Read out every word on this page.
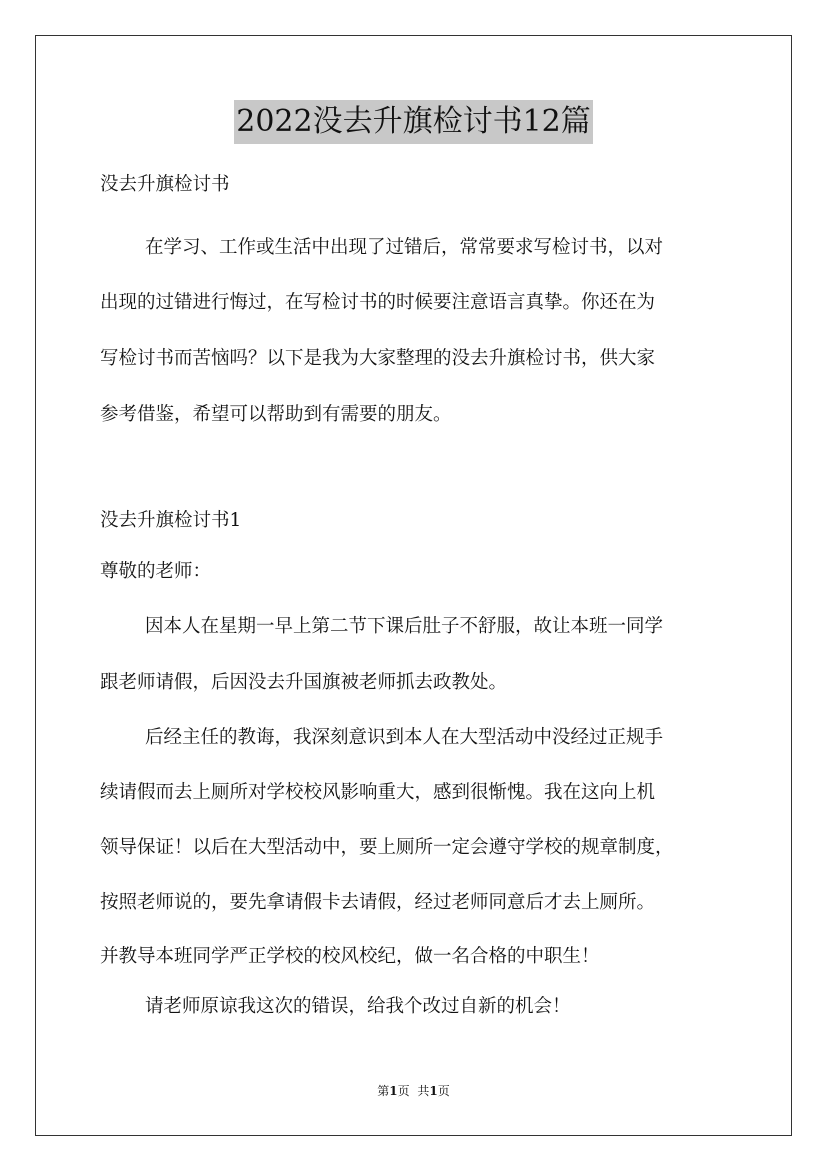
2022没去升旗检讨书12篇
没去升旗检讨书
在学习、工作或生活中出现了过错后，常常要求写检讨书，以对
出现的过错进行悔过，在写检讨书的时候要注意语言真挚。你还在为
写检讨书而苦恼吗？以下是我为大家整理的没去升旗检讨书，供大家
参考借鉴，希望可以帮助到有需要的朋友。
没去升旗检讨书1
尊敬的老师：
因本人在星期一早上第二节下课后肚子不舒服，故让本班一同学
跟老师请假，后因没去升国旗被老师抓去政教处。
后经主任的教诲，我深刻意识到本人在大型活动中没经过正规手
续请假而去上厕所对学校校风影响重大，感到很惭愧。我在这向上机
领导保证！以后在大型活动中，要上厕所一定会遵守学校的规章制度，
按照老师说的，要先拿请假卡去请假，经过老师同意后才去上厕所。
并教导本班同学严正学校的校风校纪，做一名合格的中职生！
请老师原谅我这次的错误，给我个改过自新的机会！
第1页 共1页
